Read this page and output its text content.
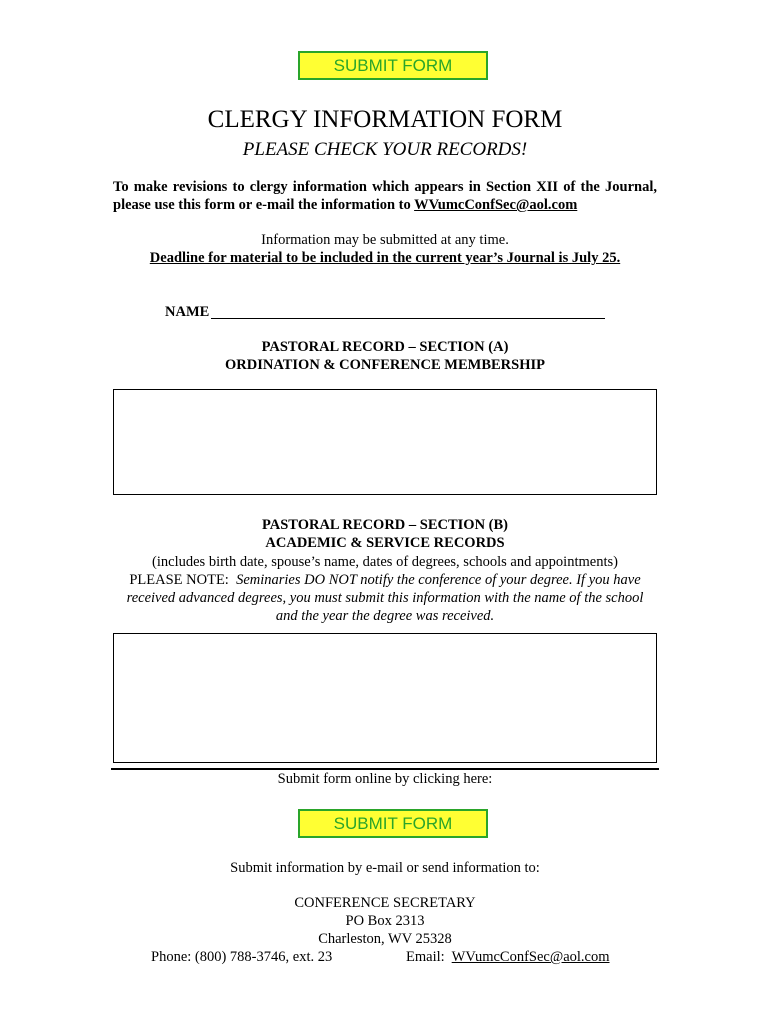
SUBMIT FORM
CLERGY INFORMATION FORM
PLEASE CHECK YOUR RECORDS!
To make revisions to clergy information which appears in Section XII of the Journal, please use this form or e-mail the information to WVumcConfSec@aol.com
Information may be submitted at any time.
Deadline for material to be included in the current year’s Journal is July 25.
NAME
PASTORAL RECORD – SECTION (A)
ORDINATION & CONFERENCE MEMBERSHIP
PASTORAL RECORD – SECTION (B)
ACADEMIC & SERVICE RECORDS
(includes birth date, spouse’s name, dates of degrees, schools and appointments)
PLEASE NOTE: Seminaries DO NOT notify the conference of your degree. If you have
received advanced degrees, you must submit this information with the name of the school
and the year the degree was received.
Submit form online by clicking here:
SUBMIT FORM
Submit information by e-mail or send information to:
CONFERENCE SECRETARY
PO Box 2313
Charleston, WV 25328
Phone: (800) 788-3746, ext. 23	Email: WVumcConfSec@aol.com
